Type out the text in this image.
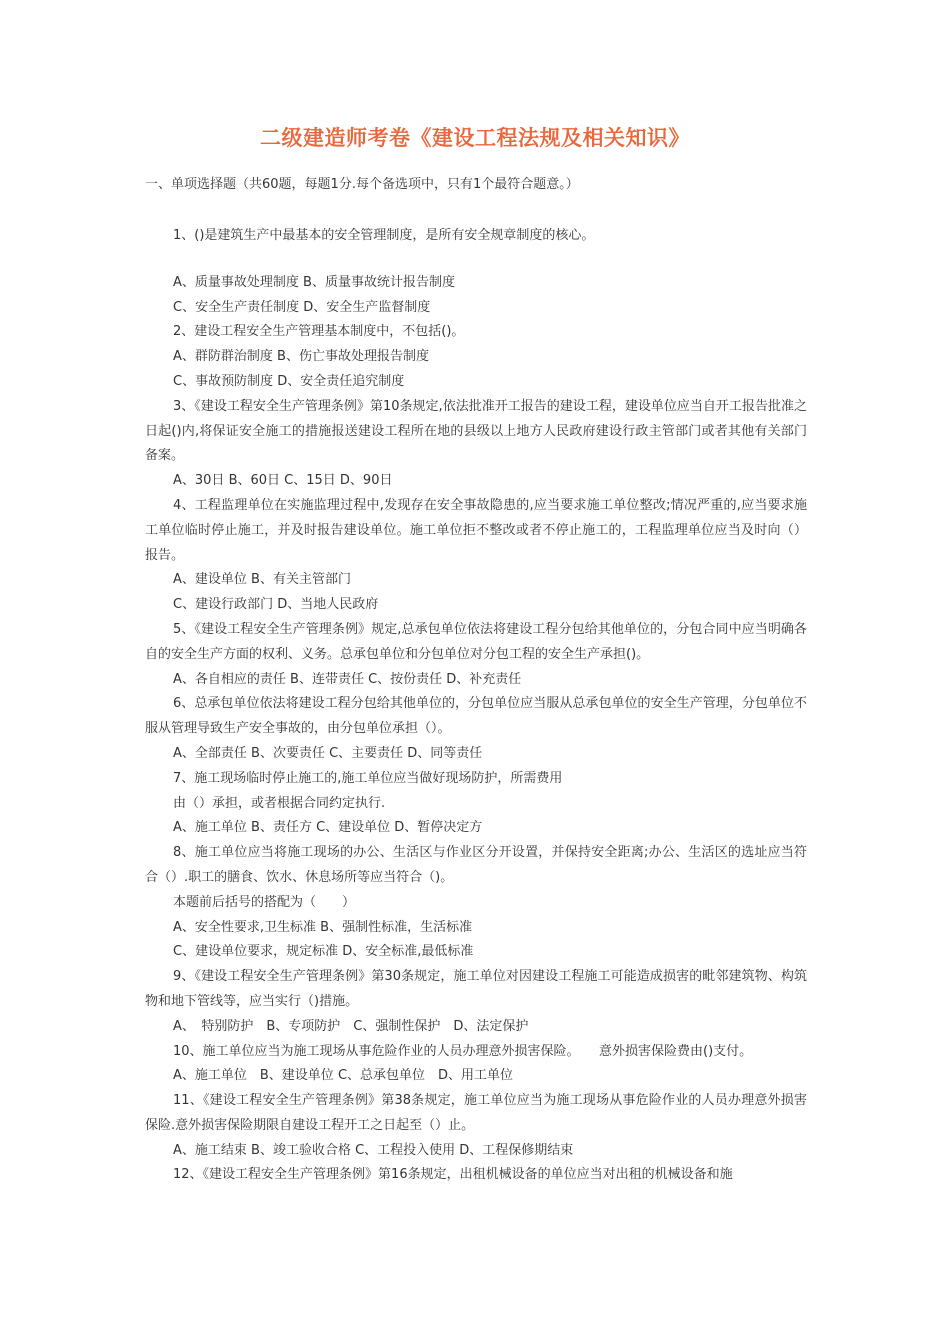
二级建造师考卷《建设工程法规及相关知识》
一、单项选择题（共60题，每题1分.每个备选项中，只有1个最符合题意。）

1、()是建筑生产中最基本的安全管理制度，是所有安全规章制度的核心。

A、质量事故处理制度 B、质量事故统计报告制度

C、安全生产责任制度 D、安全生产监督制度

2、建设工程安全生产管理基本制度中，不包括()。

A、群防群治制度 B、伤亡事故处理报告制度

C、事故预防制度 D、安全责任追究制度

3、《建设工程安全生产管理条例》第10条规定,依法批准开工报告的建设工程，建设单位应当自开工报告批准之日起()内,将保证安全施工的措施报送建设工程所在地的县级以上地方人民政府建设行政主管部门或者其他有关部门备案。

A、30日 B、60日 C、15日 D、90日

4、工程监理单位在实施监理过程中,发现存在安全事故隐患的,应当要求施工单位整改;情况严重的,应当要求施工单位临时停止施工，并及时报告建设单位。施工单位拒不整改或者不停止施工的，工程监理单位应当及时向（）报告。

A、建设单位 B、有关主管部门

C、建设行政部门 D、当地人民政府

5、《建设工程安全生产管理条例》规定,总承包单位依法将建设工程分包给其他单位的，分包合同中应当明确各自的安全生产方面的权利、义务。总承包单位和分包单位对分包工程的安全生产承担()。

A、各自相应的责任 B、连带责任 C、按份责任 D、补充责任

6、总承包单位依法将建设工程分包给其他单位的，分包单位应当服从总承包单位的安全生产管理，分包单位不服从管理导致生产安全事故的，由分包单位承担（）。

A、全部责任 B、次要责任 C、主要责任 D、同等责任

7、施工现场临时停止施工的,施工单位应当做好现场防护，所需费用

由（）承担，或者根据合同约定执行.

A、施工单位 B、责任方 C、建设单位 D、暂停决定方

8、施工单位应当将施工现场的办公、生活区与作业区分开设置，并保持安全距离;办公、生活区的选址应当符合（）.职工的膳食、饮水、休息场所等应当符合（)。

本题前后括号的搭配为（　　）

A、安全性要求,卫生标准 B、强制性标准，生活标准

C、建设单位要求，规定标准 D、安全标准,最低标准

9、《建设工程安全生产管理条例》第30条规定，施工单位对因建设工程施工可能造成损害的毗邻建筑物、构筑物和地下管线等，应当实行（)措施。

A、　特别防护　B、专项防护　C、强制性保护　D、法定保护

10、施工单位应当为施工现场从事危险作业的人员办理意外损害保险。　　意外损害保险费由()支付。

A、施工单位　B、建设单位 C、总承包单位　D、用工单位

11、《建设工程安全生产管理条例》第38条规定，施工单位应当为施工现场从事危险作业的人员办理意外损害保险.意外损害保险期限自建设工程开工之日起至（）止。

A、施工结束 B、竣工验收合格 C、工程投入使用 D、工程保修期结束

12、《建设工程安全生产管理条例》第16条规定，出租机械设备的单位应当对出租的机械设备和施
